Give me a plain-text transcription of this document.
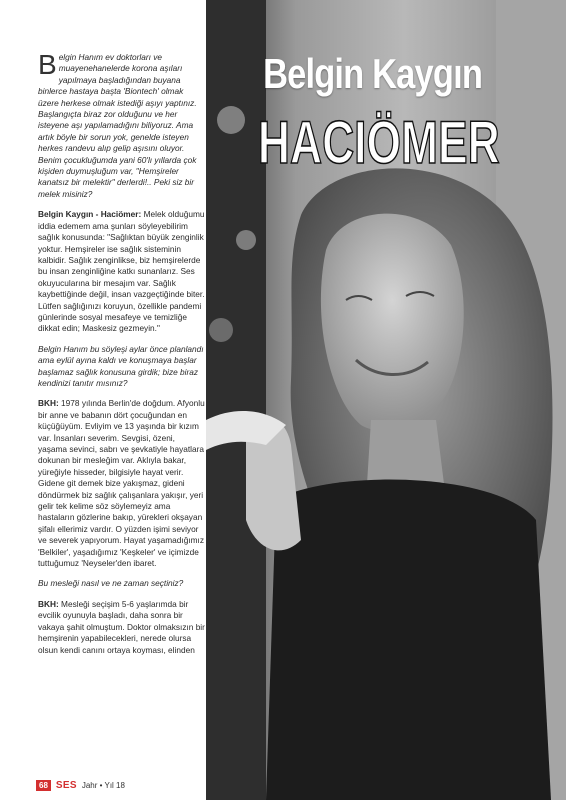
Belgin Kaygın
HACIÖMER

Belgin Hanım ev doktorları ve muayenehanelerde korona aşıları yapılmaya başladığından buyana binlerce hastaya başta 'Biontech' olmak üzere herkese olmak istediği aşıyı yaptınız. Başlangıçta biraz zor olduğunu ve her isteyene aşı yapılamadığını biliyoruz. Ama artık böyle bir sorun yok, genelde isteyen herkes randevu alıp gelip aşısını oluyor. Benim çocukluğumda yani 60'lı yıllarda çok kişiden duymuşluğum var, "Hemşireler kanatsız bir melektir" derlerdi!.. Peki siz bir melek misiniz?

Belgin Kaygın - Haciömer: Melek olduğumu iddia edemem ama şunları söyleyebilirim sağlık konusunda: "Sağlıktan büyük zenginlik yoktur. Hemşireler ise sağlık sisteminin kalbidir. Sağlık zenginlikse, biz hemşirelerde bu insan zenginliğine katkı sunanlarız. Ses okuyucularına bir mesajım var. Sağlık kaybettiğinde değil, insan vazgeçtiğinde biter. Lütfen sağlığınızı koruyun, özellikle pandemi günlerinde sosyal mesafeye ve temizliğe dikkat edin; Maskesiz gezmeyin."

Belgin Hanım bu söyleşi aylar önce planlandı ama eylül ayına kaldı ve konuşmaya başlar başlamaz sağlık konusuna girdik; bize biraz kendinizi tanıtır mısınız?

BKH: 1978 yılında Berlin'de doğdum. Afyonlu bir anne ve babanın dört çocuğundan en küçüğüyüm. Evliyim ve 13 yaşında bir kızım var. İnsanları severim. Sevgisi, özeni, yaşama sevinci, sabrı ve şevkatiyle hayatlara dokunan bir mesleğim var. Aklıyla bakar, yüreğiyle hisseder, bilgisiyle hayat verir. Gidene git demek bize yakışmaz, gideni döndürmek biz sağlık çalışanlara yakışır, yeri gelir tek kelime söz söylemeyiz ama hastaların gözlerine bakıp, yürekleri okşayan şifalı ellerimiz vardır. O yüzden işimi seviyor ve severek yapıyorum. Hayat yaşamadığımız 'Belkiler', yaşadığımız 'Keşkeler' ve içimizde tuttuğumuz 'Neyseler'den ibaret.

Bu mesleği nasıl ve ne zaman seçtiniz?

BKH: Mesleği seçişim 5-6 yaşlarımda bir evcilik oyunuyla başladı, daha sonra bir vakaya şahit olmuştum. Doktor olmaksızın bir hemşirenin yapabilecekleri, nerede olursa olsun kendi canını ortaya koyması, elinden

68 SES Jahr • Yıl 18
